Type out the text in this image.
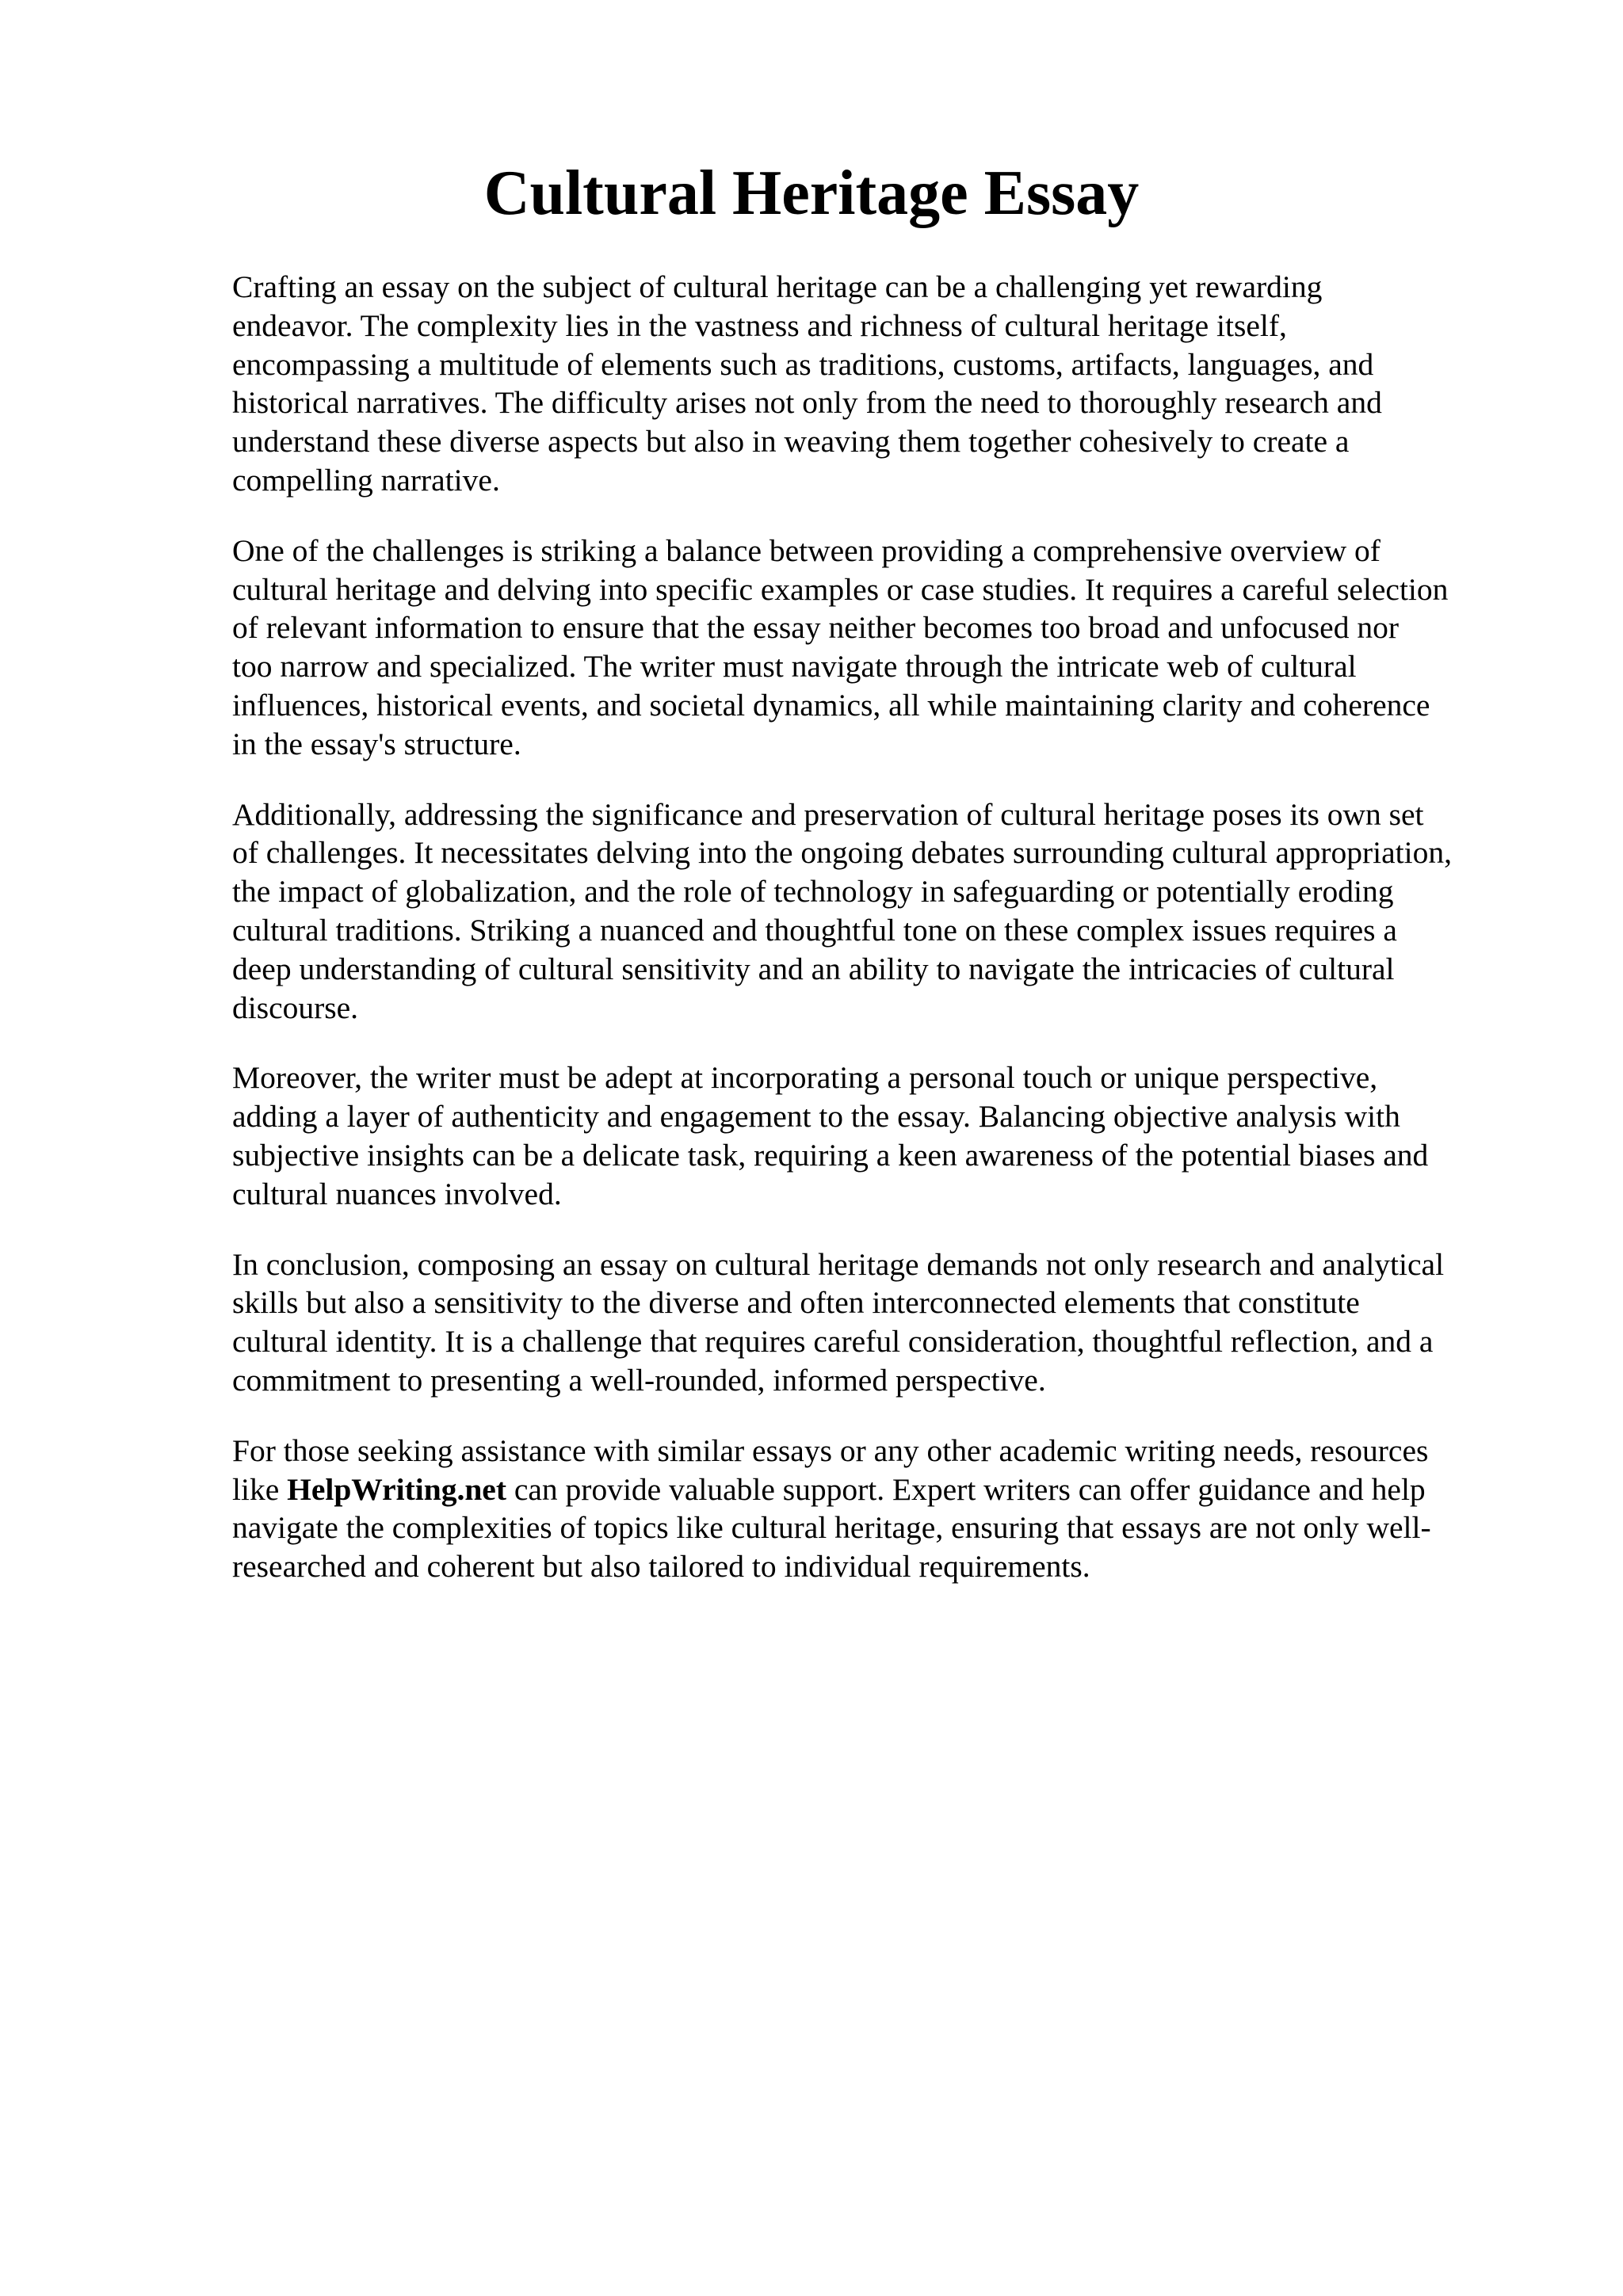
Cultural Heritage Essay

Crafting an essay on the subject of cultural heritage can be a challenging yet rewarding
endeavor. The complexity lies in the vastness and richness of cultural heritage itself,
encompassing a multitude of elements such as traditions, customs, artifacts, languages, and
historical narratives. The difficulty arises not only from the need to thoroughly research and
understand these diverse aspects but also in weaving them together cohesively to create a
compelling narrative.

One of the challenges is striking a balance between providing a comprehensive overview of
cultural heritage and delving into specific examples or case studies. It requires a careful selection
of relevant information to ensure that the essay neither becomes too broad and unfocused nor
too narrow and specialized. The writer must navigate through the intricate web of cultural
influences, historical events, and societal dynamics, all while maintaining clarity and coherence
in the essay's structure.

Additionally, addressing the significance and preservation of cultural heritage poses its own set
of challenges. It necessitates delving into the ongoing debates surrounding cultural appropriation,
the impact of globalization, and the role of technology in safeguarding or potentially eroding
cultural traditions. Striking a nuanced and thoughtful tone on these complex issues requires a
deep understanding of cultural sensitivity and an ability to navigate the intricacies of cultural
discourse.

Moreover, the writer must be adept at incorporating a personal touch or unique perspective,
adding a layer of authenticity and engagement to the essay. Balancing objective analysis with
subjective insights can be a delicate task, requiring a keen awareness of the potential biases and
cultural nuances involved.

In conclusion, composing an essay on cultural heritage demands not only research and analytical
skills but also a sensitivity to the diverse and often interconnected elements that constitute
cultural identity. It is a challenge that requires careful consideration, thoughtful reflection, and a
commitment to presenting a well-rounded, informed perspective.

For those seeking assistance with similar essays or any other academic writing needs, resources
like HelpWriting.net can provide valuable support. Expert writers can offer guidance and help
navigate the complexities of topics like cultural heritage, ensuring that essays are not only well-
researched and coherent but also tailored to individual requirements.
